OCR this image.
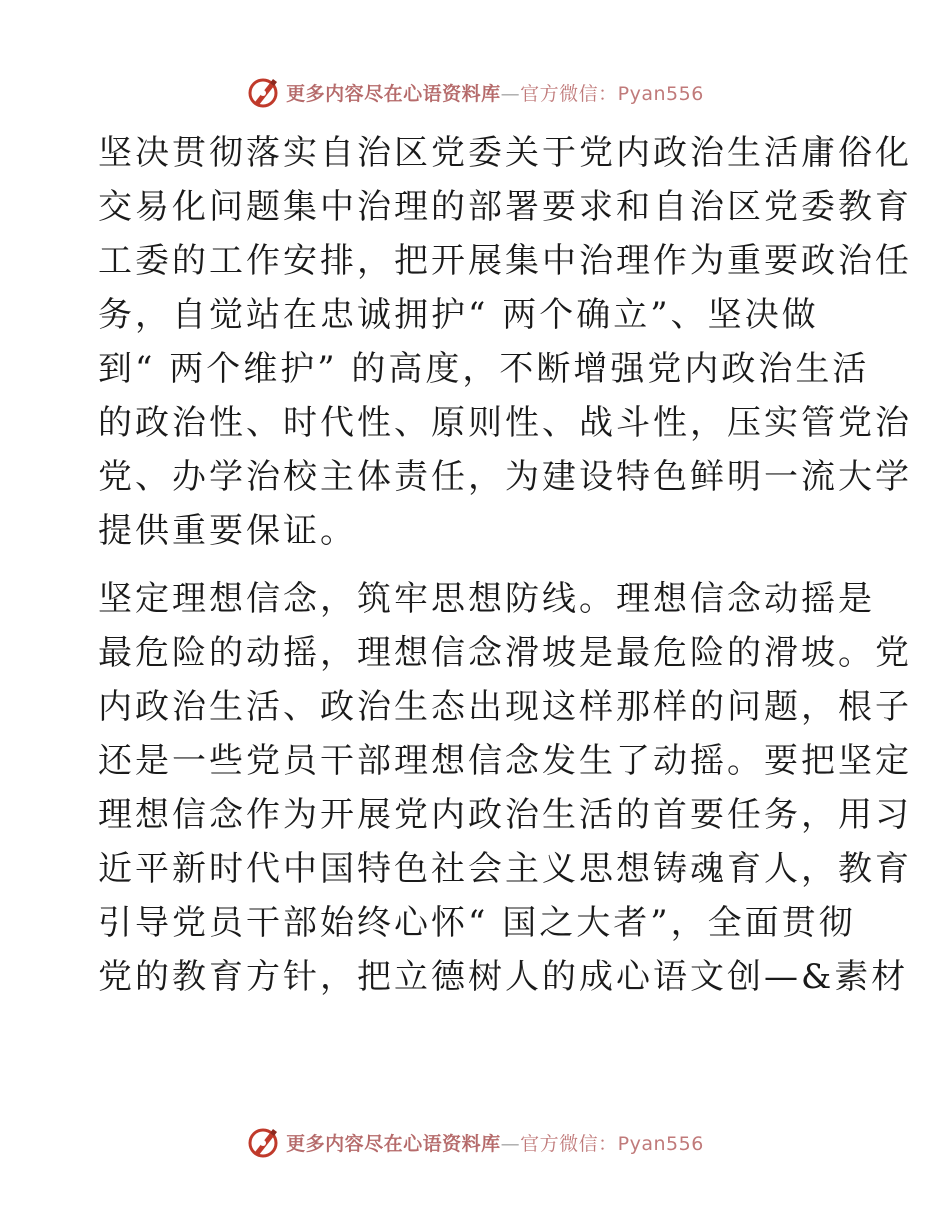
更多内容尽在心语资料库—官方微信：Pyan556
坚决贯彻落实自治区党委关于党内政治生活庸俗化
交易化问题集中治理的部署要求和自治区党委教育
工委的工作安排，把开展集中治理作为重要政治任
务，自觉站在忠诚拥护“ 两个确立”、坚决做
到“ 两个维护” 的高度，不断增强党内政治生活
的政治性、时代性、原则性、战斗性，压实管党治
党、办学治校主体责任，为建设特色鲜明一流大学
提供重要保证。
坚定理想信念，筑牢思想防线。理想信念动摇是
最危险的动摇，理想信念滑坡是最危险的滑坡。党
内政治生活、政治生态出现这样那样的问题，根子
还是一些党员干部理想信念发生了动摇。要把坚定
理想信念作为开展党内政治生活的首要任务，用习
近平新时代中国特色社会主义思想铸魂育人，教育
引导党员干部始终心怀“ 国之大者”，全面贯彻
党的教育方针，把立德树人的成心语文创—&素材
更多内容尽在心语资料库—官方微信：Pyan556
